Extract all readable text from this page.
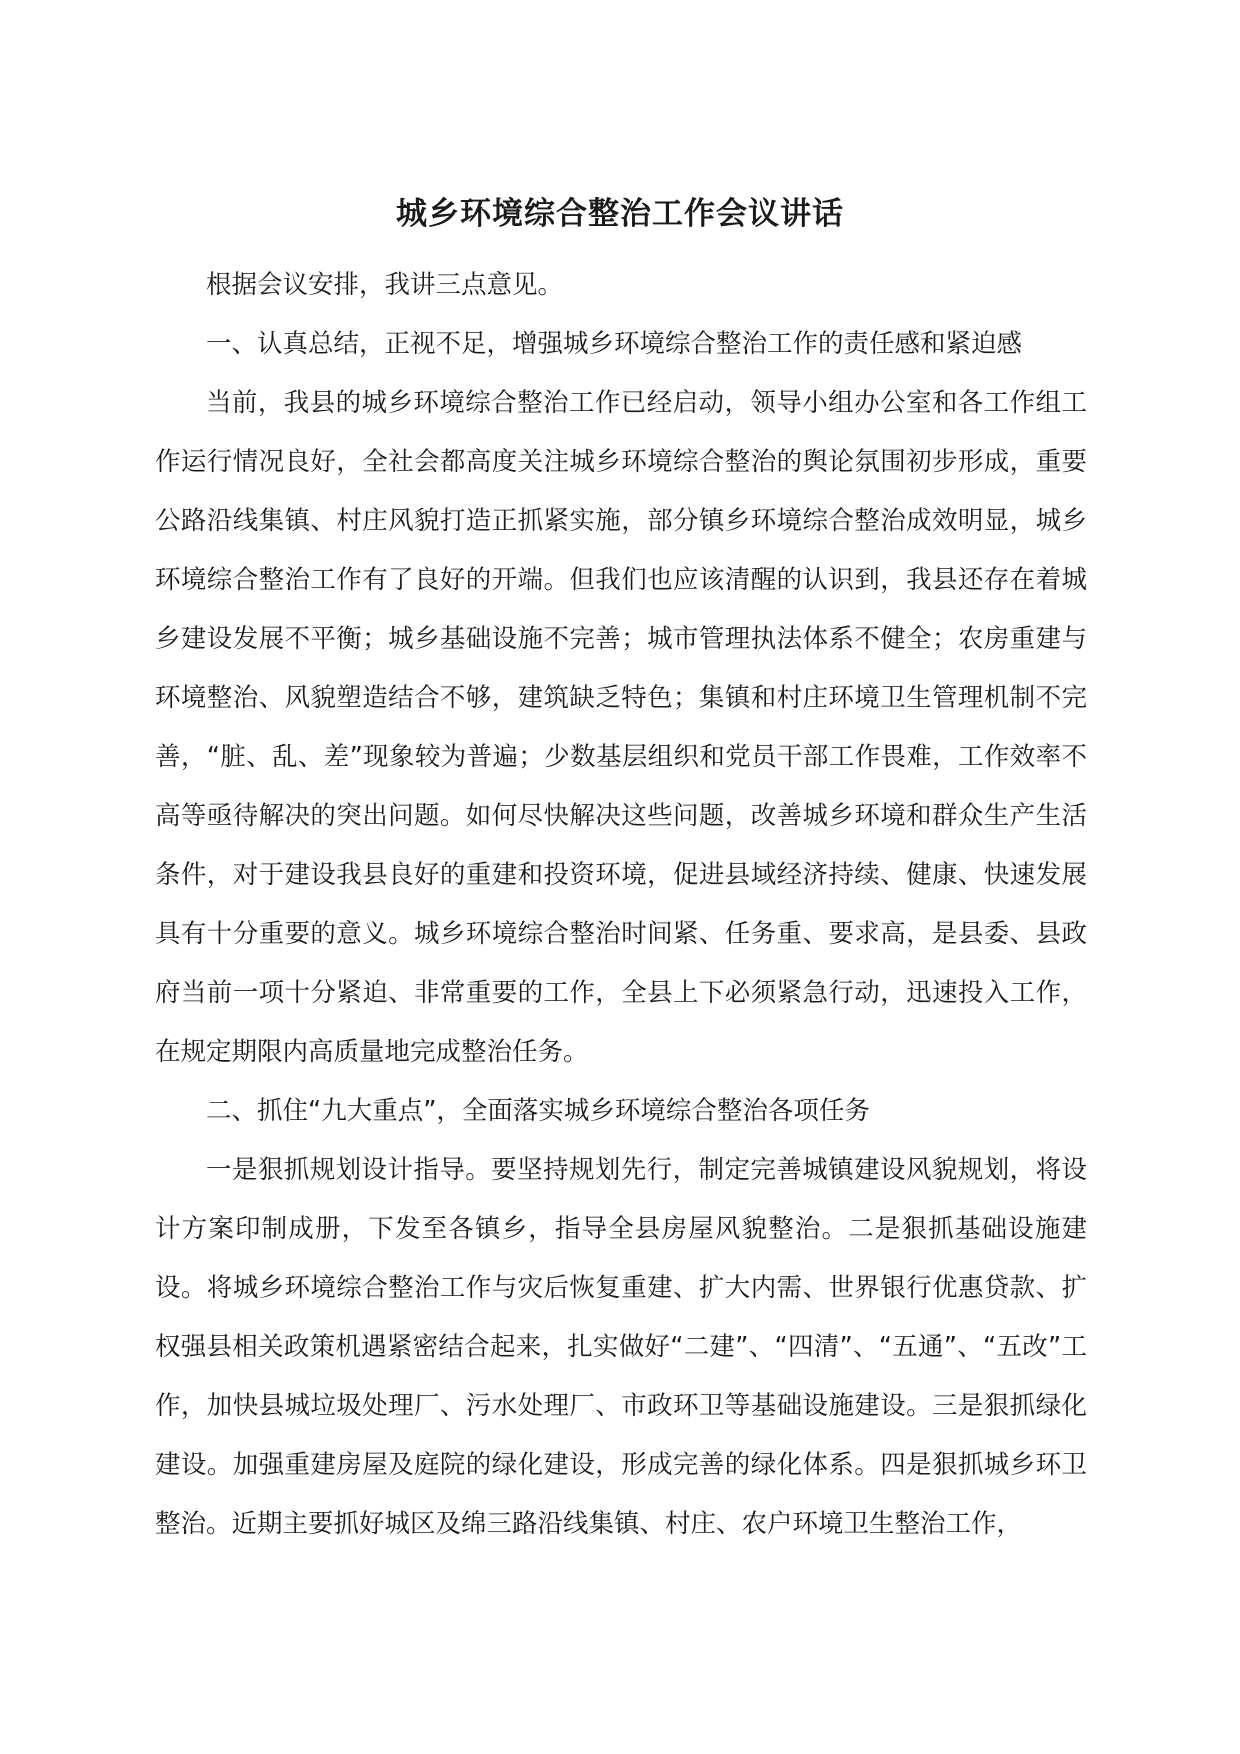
城乡环境综合整治工作会议讲话

根据会议安排，我讲三点意见。

一、认真总结，正视不足，增强城乡环境综合整治工作的责任感和紧迫感

当前，我县的城乡环境综合整治工作已经启动，领导小组办公室和各工作组工作运行情况良好，全社会都高度关注城乡环境综合整治的舆论氛围初步形成，重要公路沿线集镇、村庄风貌打造正抓紧实施，部分镇乡环境综合整治成效明显，城乡环境综合整治工作有了良好的开端。但我们也应该清醒的认识到，我县还存在着城乡建设发展不平衡；城乡基础设施不完善；城市管理执法体系不健全；农房重建与环境整治、风貌塑造结合不够，建筑缺乏特色；集镇和村庄环境卫生管理机制不完善，“脏、乱、差”现象较为普遍；少数基层组织和党员干部工作畏难，工作效率不高等亟待解决的突出问题。如何尽快解决这些问题，改善城乡环境和群众生产生活条件，对于建设我县良好的重建和投资环境，促进县域经济持续、健康、快速发展具有十分重要的意义。城乡环境综合整治时间紧、任务重、要求高，是县委、县政府当前一项十分紧迫、非常重要的工作，全县上下必须紧急行动，迅速投入工作，在规定期限内高质量地完成整治任务。

二、抓住“九大重点”，全面落实城乡环境综合整治各项任务

一是狠抓规划设计指导。要坚持规划先行，制定完善城镇建设风貌规划，将设计方案印制成册，下发至各镇乡，指导全县房屋风貌整治。二是狠抓基础设施建设。将城乡环境综合整治工作与灾后恢复重建、扩大内需、世界银行优惠贷款、扩权强县相关政策机遇紧密结合起来，扎实做好“二建”、“四清”、“五通”、“五改”工作，加快县城垃圾处理厂、污水处理厂、市政环卫等基础设施建设。三是狠抓绿化建设。加强重建房屋及庭院的绿化建设，形成完善的绿化体系。四是狠抓城乡环卫整治。近期主要抓好城区及绵三路沿线集镇、村庄、农户环境卫生整治工作，
